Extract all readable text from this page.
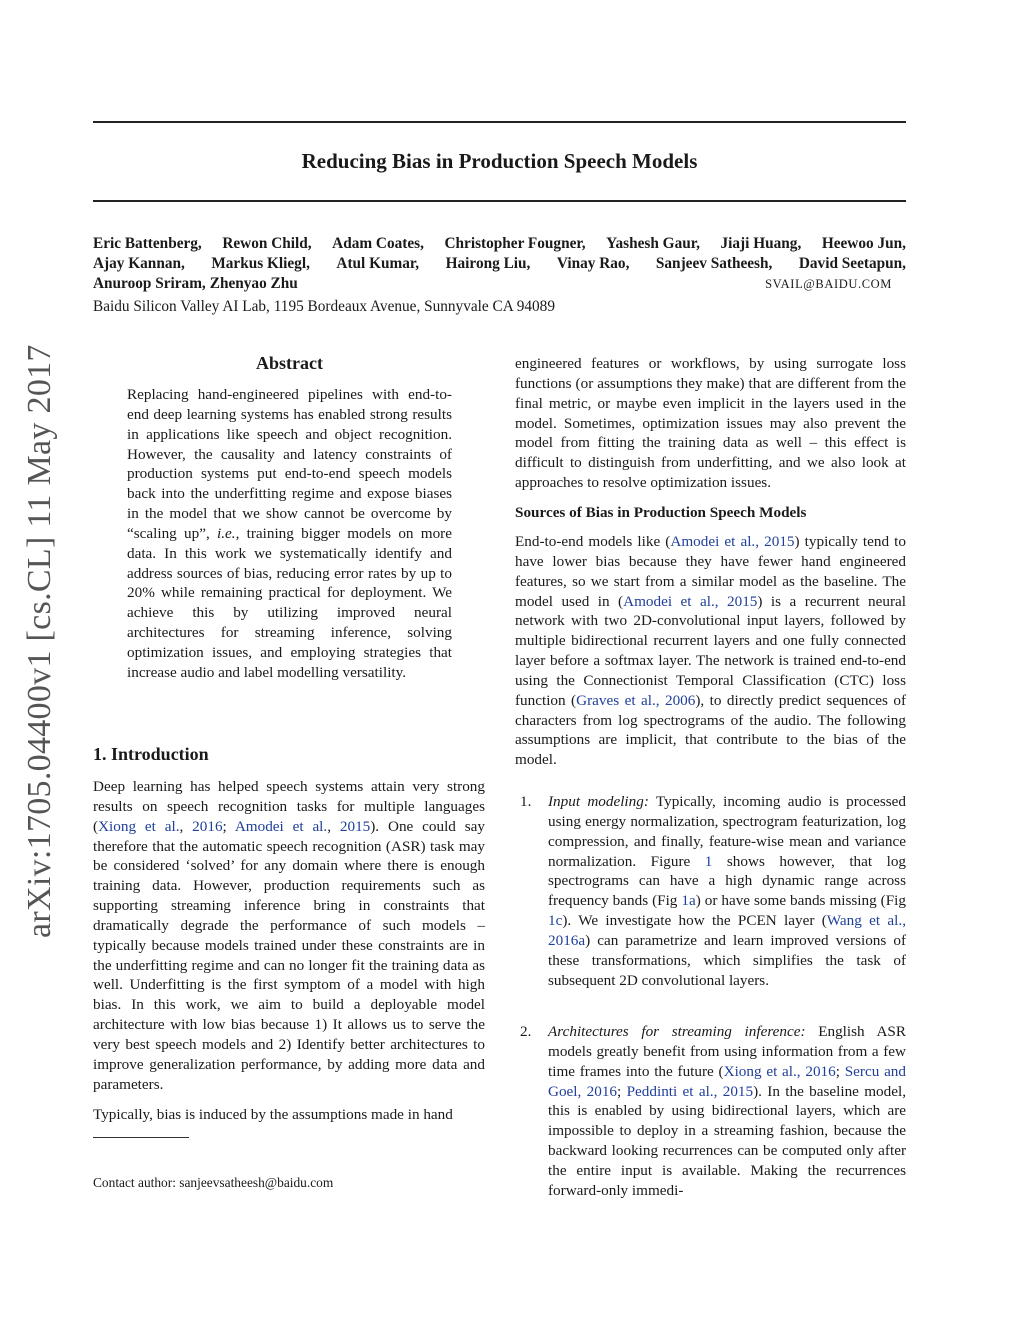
Reducing Bias in Production Speech Models
Eric Battenberg, Rewon Child, Adam Coates, Christopher Fougner, Yashesh Gaur, Jiaji Huang, Heewoo Jun,
Ajay Kannan, Markus Kliegl, Atul Kumar, Hairong Liu, Vinay Rao, Sanjeev Satheesh, David Seetapun,
Anuroop Sriram, Zhenyao Zhu	SVAIL@BAIDU.COM
Baidu Silicon Valley AI Lab, 1195 Bordeaux Avenue, Sunnyvale CA 94089
arXiv:1705.04400v1 [cs.CL] 11 May 2017	Abstract

Replacing hand-engineered pipelines with end-to-end deep learning systems has enabled strong results in applications like speech and object recognition. However, the causality and latency constraints of production systems put end-to-end speech models back into the underfitting regime and expose biases in the model that we show cannot be overcome by “scaling up”, i.e., training bigger models on more data. In this work we systematically identify and address sources of bias, reducing error rates by up to 20% while remaining practical for deployment. We achieve this by utilizing improved neural architectures for streaming inference, solving optimization issues, and employing strategies that increase audio and label modelling versatility.

1. Introduction

Deep learning has helped speech systems attain very strong results on speech recognition tasks for multiple languages (Xiong et al., 2016; Amodei et al., 2015). One could say therefore that the automatic speech recognition (ASR) task may be considered ‘solved’ for any domain where there is enough training data. However, production requirements such as supporting streaming inference bring in constraints that dramatically degrade the performance of such models – typically because models trained under these constraints are in the underfitting regime and can no longer fit the training data as well. Underfitting is the first symptom of a model with high bias. In this work, we aim to build a deployable model architecture with low bias because 1) It allows us to serve the very best speech models and 2) Identify better architectures to improve generalization performance, by adding more data and parameters.

Typically, bias is induced by the assumptions made in hand

Contact author: sanjeevsatheesh@baidu.com

engineered features or workflows, by using surrogate loss functions (or assumptions they make) that are different from the final metric, or maybe even implicit in the layers used in the model. Sometimes, optimization issues may also prevent the model from fitting the training data as well – this effect is difficult to distinguish from underfitting, and we also look at approaches to resolve optimization issues.

Sources of Bias in Production Speech Models

End-to-end models like (Amodei et al., 2015) typically tend to have lower bias because they have fewer hand engineered features, so we start from a similar model as the baseline. The model used in (Amodei et al., 2015) is a recurrent neural network with two 2D-convolutional input layers, followed by multiple bidirectional recurrent layers and one fully connected layer before a softmax layer. The network is trained end-to-end using the Connectionist Temporal Classification (CTC) loss function (Graves et al., 2006), to directly predict sequences of characters from log spectrograms of the audio. The following assumptions are implicit, that contribute to the bias of the model.

1. Input modeling: Typically, incoming audio is processed using energy normalization, spectrogram featurization, log compression, and finally, feature-wise mean and variance normalization. Figure 1 shows however, that log spectrograms can have a high dynamic range across frequency bands (Fig 1a) or have some bands missing (Fig 1c). We investigate how the PCEN layer (Wang et al., 2016a) can parametrize and learn improved versions of these transformations, which simplifies the task of subsequent 2D convolutional layers.

2. Architectures for streaming inference: English ASR models greatly benefit from using information from a few time frames into the future (Xiong et al., 2016; Sercu and Goel, 2016; Peddinti et al., 2015). In the baseline model, this is enabled by using bidirectional layers, which are impossible to deploy in a streaming fashion, because the backward looking recurrences can be computed only after the entire input is available. Making the recurrences forward-only immedi-
